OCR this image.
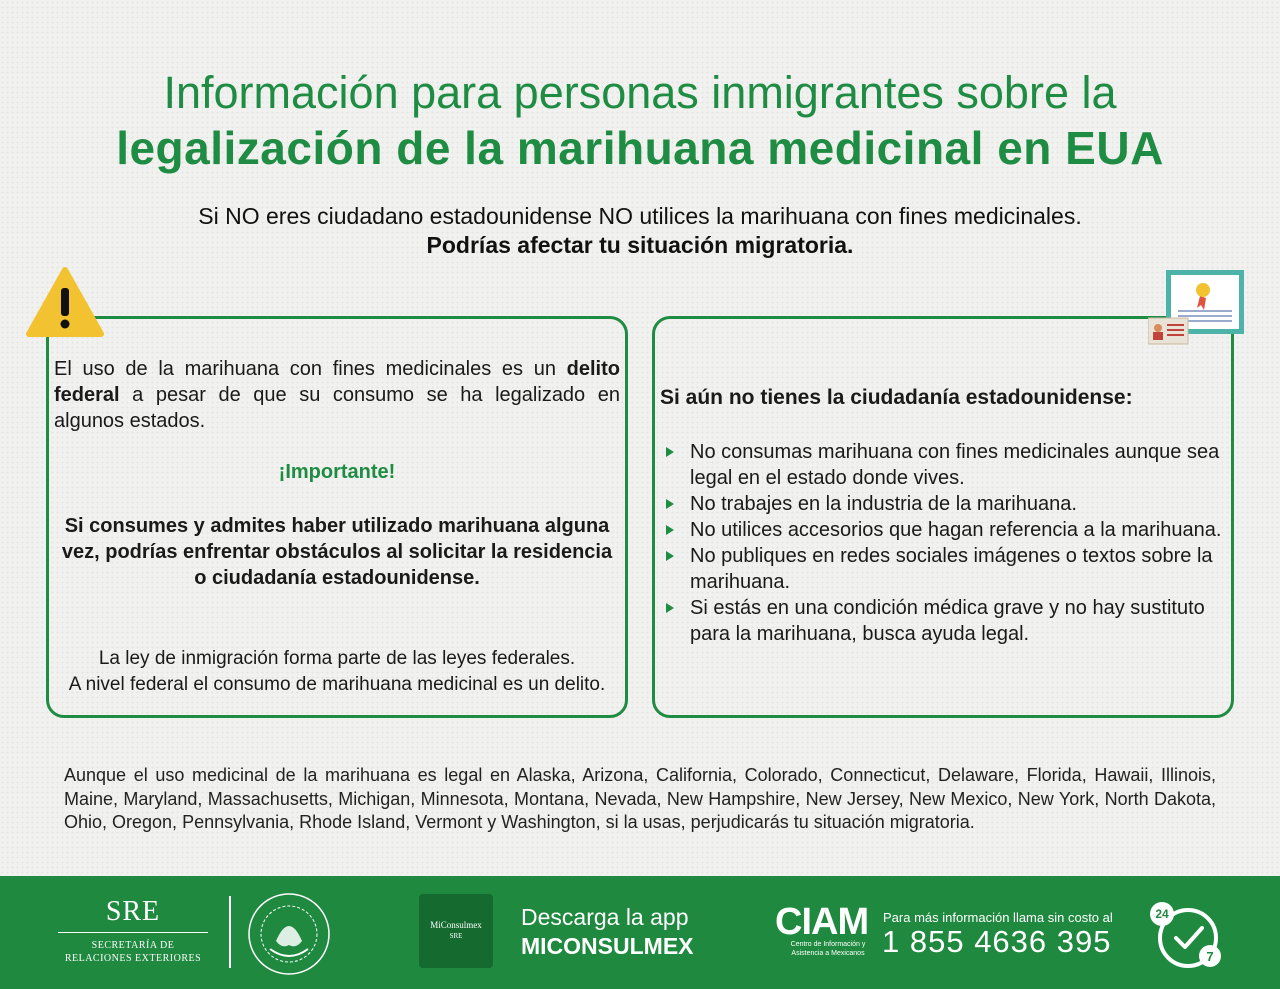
Información para personas inmigrantes sobre la
legalización de la marihuana medicinal en EUA
Si NO eres ciudadano estadounidense NO utilices la marihuana con fines medicinales.
Podrías afectar tu situación migratoria.
El uso de la marihuana con fines medicinales es un delito federal a pesar de que su consumo se ha legalizado en algunos estados.
¡Importante!
Si consumes y admites haber utilizado marihuana alguna vez, podrías enfrentar obstáculos al solicitar la residencia o ciudadanía estadounidense.
La ley de inmigración forma parte de las leyes federales.
A nivel federal el consumo de marihuana medicinal es un delito.
Si aún no tienes la ciudadanía estadounidense:
No consumas marihuana con fines medicinales aunque sea legal en el estado donde vives.
No trabajes en la industria de la marihuana.
No utilices accesorios que hagan referencia a la marihuana.
No publiques en redes sociales imágenes o textos sobre la marihuana.
Si estás en una condición médica grave y no hay sustituto para la marihuana, busca ayuda legal.
Aunque el uso medicinal de la marihuana es legal en Alaska, Arizona, California, Colorado, Connecticut, Delaware, Florida, Hawaii, Illinois, Maine, Maryland, Massachusetts, Michigan, Minnesota, Montana, Nevada, New Hampshire, New Jersey, New Mexico, New York, North Dakota, Ohio, Oregon, Pennsylvania, Rhode Island, Vermont y Washington, si la usas, perjudicarás tu situación migratoria.
SRE
SECRETARÍA DE
RELACIONES EXTERIORES
MiConsulmex
SRE
Descarga la app
MICONSULMEX
CIAM
Centro de Información y Asistencia a Mexicanos
Para más información llama sin costo al
1 855 4636 395
24
7
